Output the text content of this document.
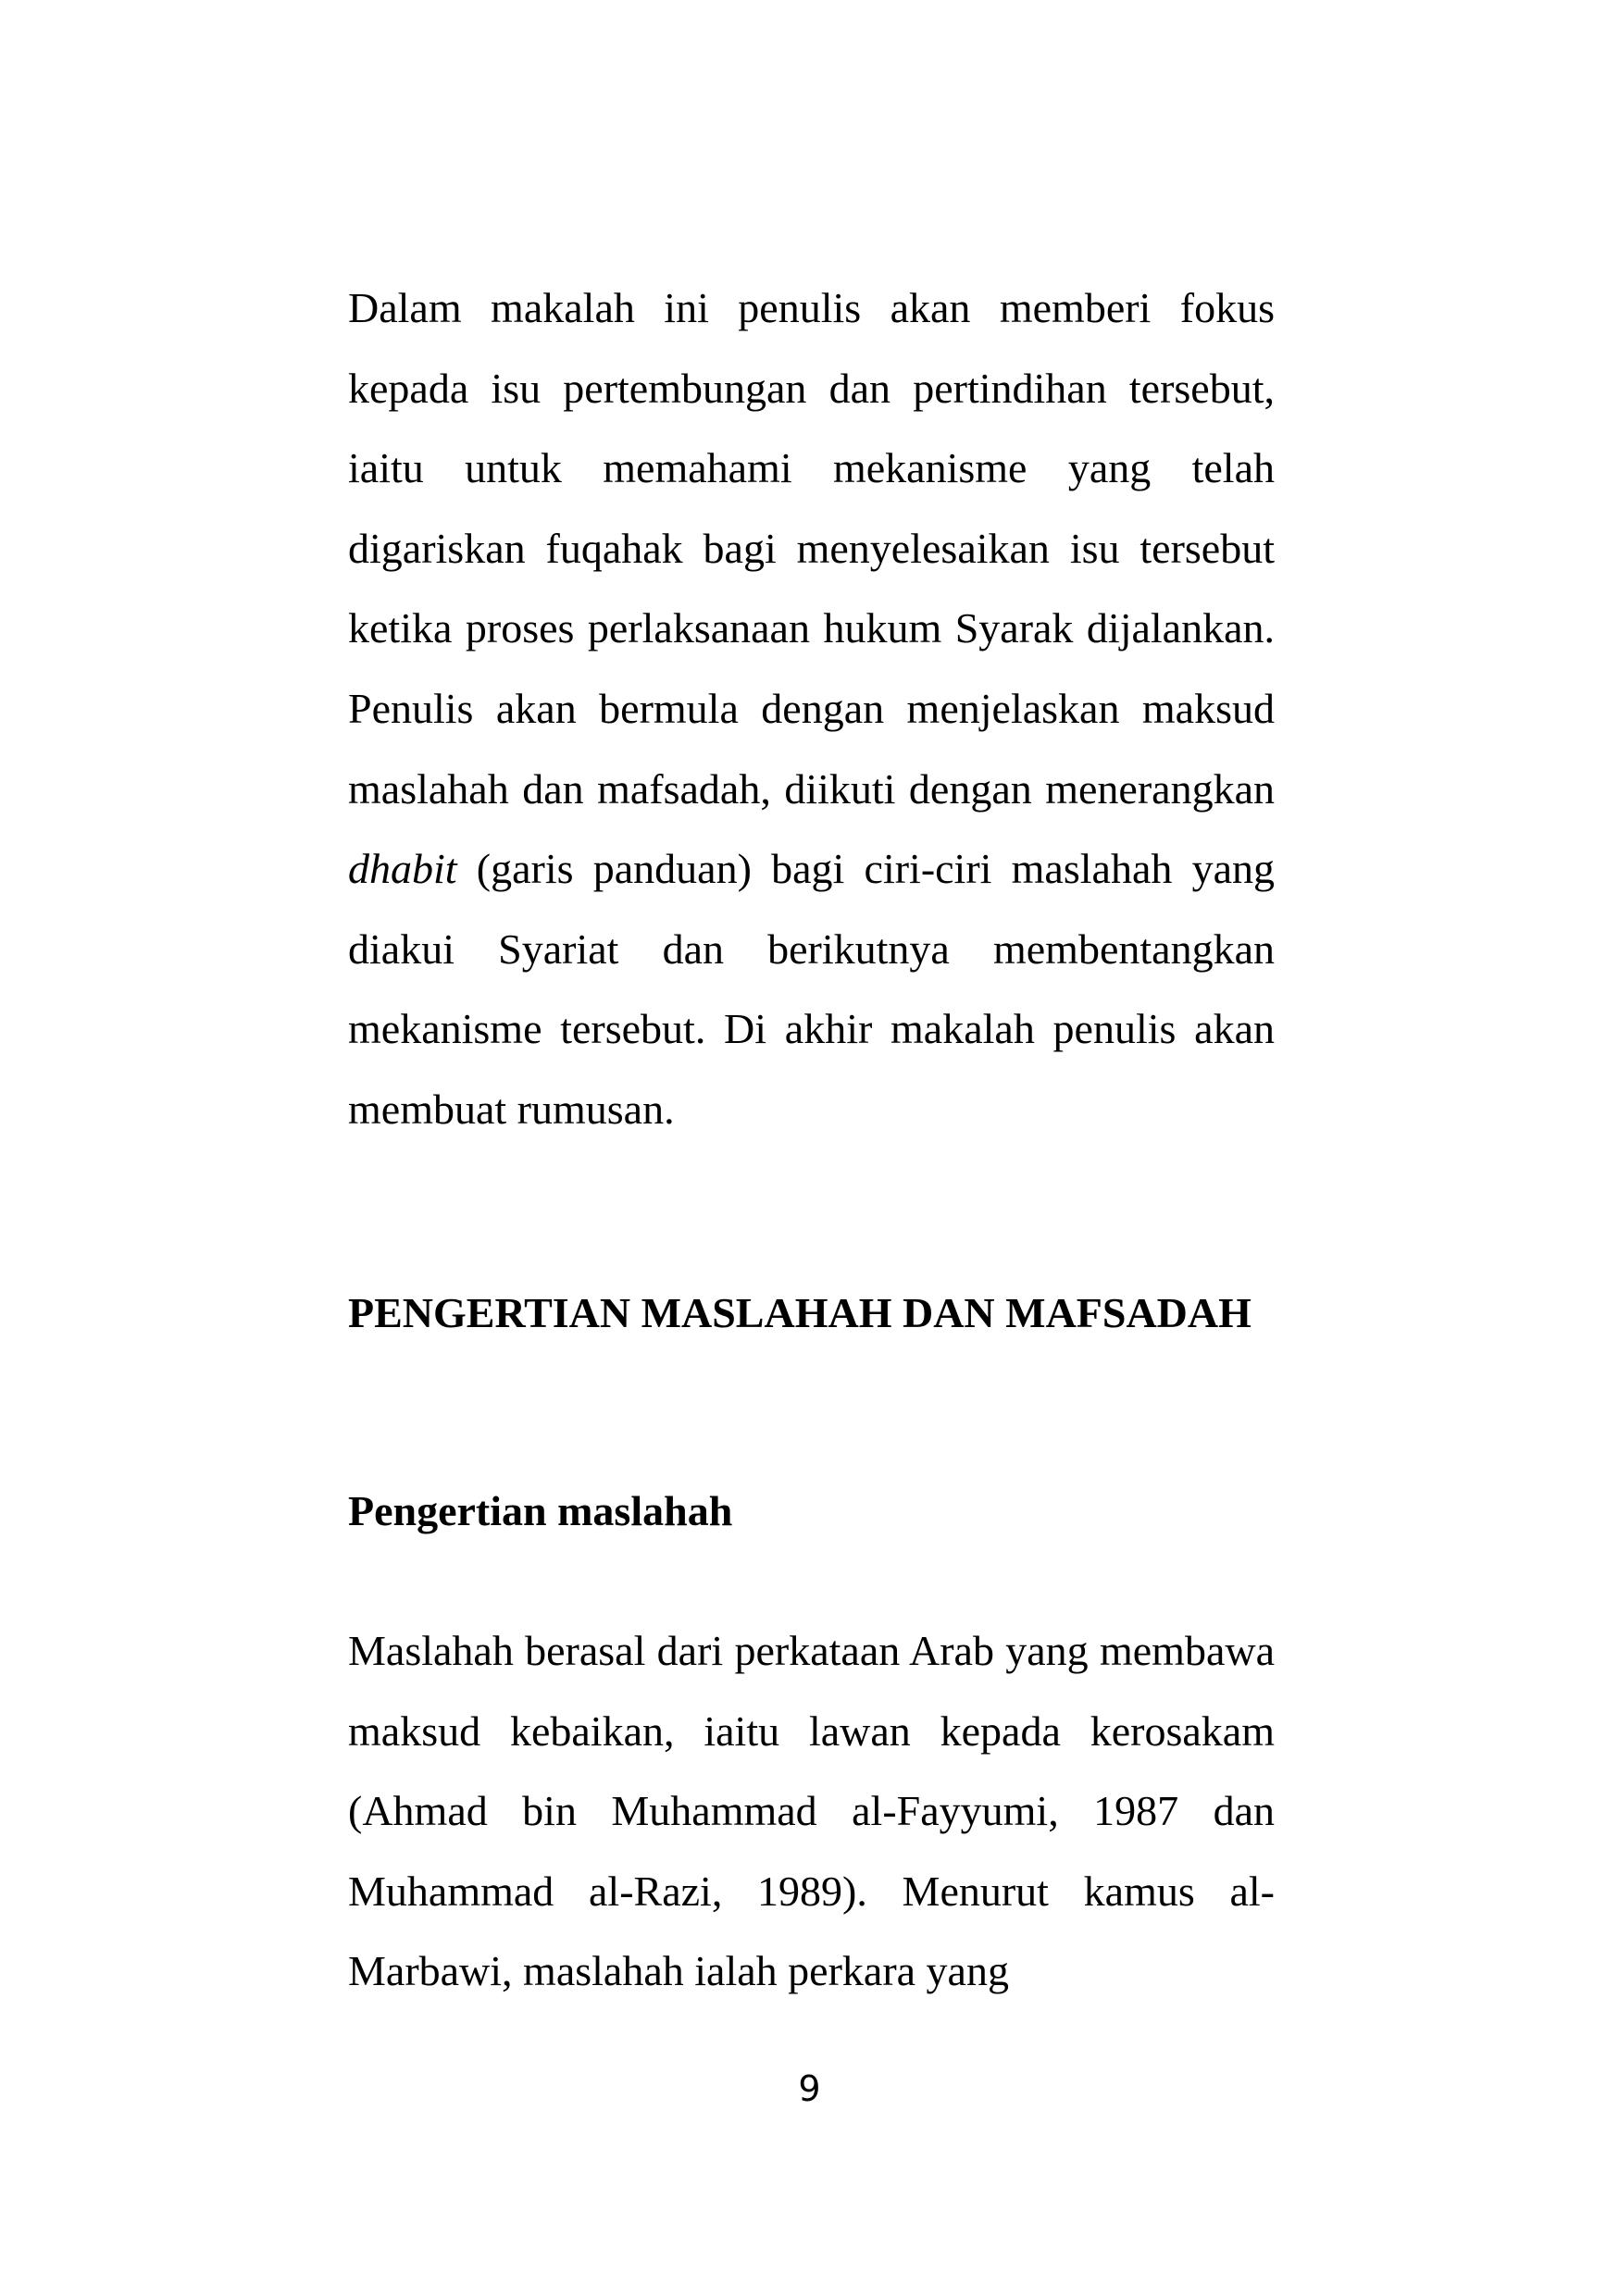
Dalam makalah ini penulis akan memberi fokus kepada isu pertembungan dan pertindihan tersebut, iaitu untuk memahami mekanisme yang telah digariskan fuqahak bagi menyelesaikan isu tersebut ketika proses perlaksanaan hukum Syarak dijalankan. Penulis akan bermula dengan menjelaskan maksud maslahah dan mafsadah, diikuti dengan menerangkan dhabit (garis panduan) bagi ciri-ciri maslahah yang diakui Syariat dan berikutnya membentangkan mekanisme tersebut. Di akhir makalah penulis akan membuat rumusan.

PENGERTIAN MASLAHAH DAN MAFSADAH
Pengertian maslahah

Maslahah berasal dari perkataan Arab yang membawa maksud kebaikan, iaitu lawan kepada kerosakam (Ahmad bin Muhammad al-Fayyumi, 1987 dan Muhammad al-Razi, 1989). Menurut kamus al-Marbawi, maslahah ialah perkara yang

9
